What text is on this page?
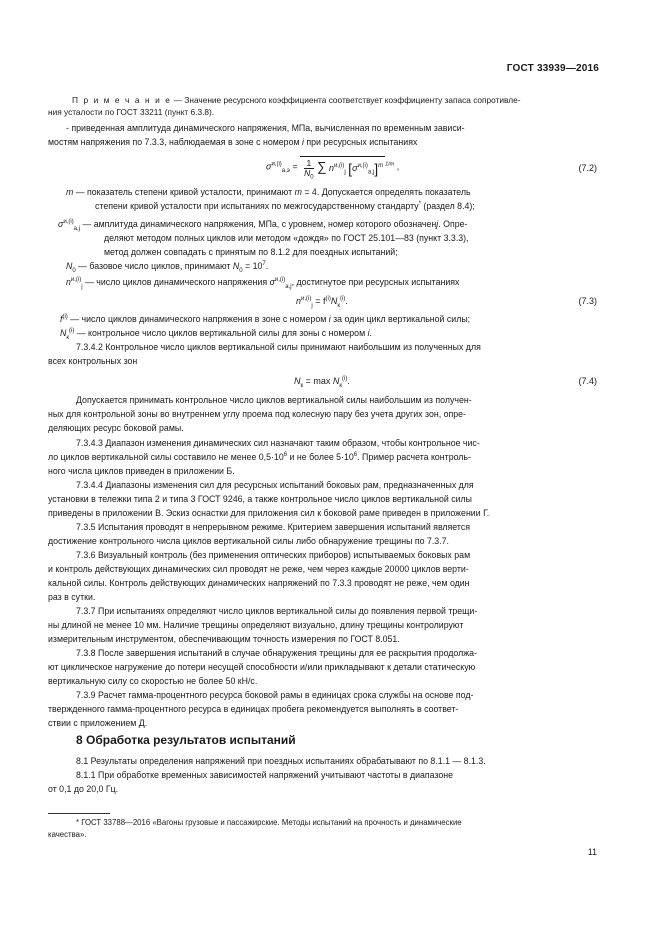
ГОСТ 33939—2016
П р и м е ч а н и е — Значение ресурсного коэффициента соответствует коэффициенту запаса сопротивле-
ния усталости по ГОСТ 33211 (пункт 6.3.8).
- приведенная амплитуда динамического напряжения, МПа, вычисленная по временным зависи-
мостям напряжения по 7.3.3, наблюдаемая в зоне с номером i при ресурсных испытаниях
$\sigma^{и,(i)}_{a,э} = \frac{1}{N_0}$ ∑ $n^{и,(i)}_j$ $[\sigma^{и,(i)}_{a,j}]^m$ $^{1/m}$ ,	(7.2)
m — показатель степени кривой усталости, принимают m = 4. Допускается определять показатель
степени кривой усталости при испытаниях по межгосударственному стандарту* (раздел 8.4);
$\sigma^{и,(i)}_{a,j}$ — амплитуда динамического напряжения, МПа, с уровнем, номер которого обозначенj. Опре-
деляют методом полных циклов или методом «дождя» по ГОСТ 25.101—83 (пункт 3.3.3),
метод должен совпадать с принятым по 8.1.2 для поездных испытаний;
$N_0$ — базовое число циклов, принимают $N_0 = 10^7$.
$n^{и,(i)}_j$ — число циклов динамического напряжения $\sigma^{и,(i)}_{a,j}$, достигнутое при ресурсных испытаниях
$n^{и,(i)}_j = f^{(i)}N_к^{(i)}$.	(7.3)
$f^{(i)}$ — число циклов динамического напряжения в зоне с номером i за один цикл вертикальной силы;
$N_к^{(i)}$ — контрольное число циклов вертикальной силы для зоны с номером i.
7.3.4.2 Контрольное число циклов вертикальной силы принимают наибольшим из полученных для
всех контрольных зон
$N_к = \max N_к^{(i)}$.	(7.4)
Допускается принимать контрольное число циклов вертикальной силы наибольшим из получен-
ных для контрольной зоны во внутреннем углу проема под колесную пару без учета других зон, опре-
деляющих ресурс боковой рамы.
7.3.4.3 Диапазон изменения динамических сил назначают таким образом, чтобы контрольное чис-
ло циклов вертикальной силы составило не менее $0,5\cdot 10^6$ и не более $5\cdot 10^6$. Пример расчета контроль-
ного числа циклов приведен в приложении Б.
7.3.4.4 Диапазоны изменения сил для ресурсных испытаний боковых рам, предназначенных для
установки в тележки типа 2 и типа 3 ГОСТ 9246, а также контрольное число циклов вертикальной силы
приведены в приложении В. Эскиз оснастки для приложения сил к боковой раме приведен в приложении Г.
7.3.5 Испытания проводят в непрерывном режиме. Критерием завершения испытаний является
достижение контрольного числа циклов вертикальной силы либо обнаружение трещины по 7.3.7.
7.3.6 Визуальный контроль (без применения оптических приборов) испытываемых боковых рам
и контроль действующих динамических сил проводят не реже, чем через каждые 20000 циклов верти-
кальной силы. Контроль действующих динамических напряжений по 7.3.3 проводят не реже, чем один
раз в сутки.
7.3.7 При испытаниях определяют число циклов вертикальной силы до появления первой трещи-
ны длиной не менее 10 мм. Наличие трещины определяют визуально, длину трещины контролируют
измерительным инструментом, обеспечивающим точность измерения по ГОСТ 8.051.
7.3.8 После завершения испытаний в случае обнаружения трещины для ее раскрытия продолжа-
ют циклическое нагружение до потери несущей способности и/или прикладывают к детали статическую
вертикальную силу со скоростью не более 50 кН/с.
7.3.9 Расчет гамма-процентного ресурса боковой рамы в единицах срока службы на основе под-
твержденного гамма-процентного ресурса в единицах пробега рекомендуется выполнять в соответ-
ствии с приложением Д.
8 Обработка результатов испытаний
8.1 Результаты определения напряжений при поездных испытаниях обрабатывают по 8.1.1 — 8.1.3.
8.1.1 При обработке временных зависимостей напряжений учитывают частоты в диапазоне
от 0,1 до 20,0 Гц.
* ГОСТ 33788—2016 «Вагоны грузовые и пассажирские. Методы испытаний на прочность и динамические
качества».
11
